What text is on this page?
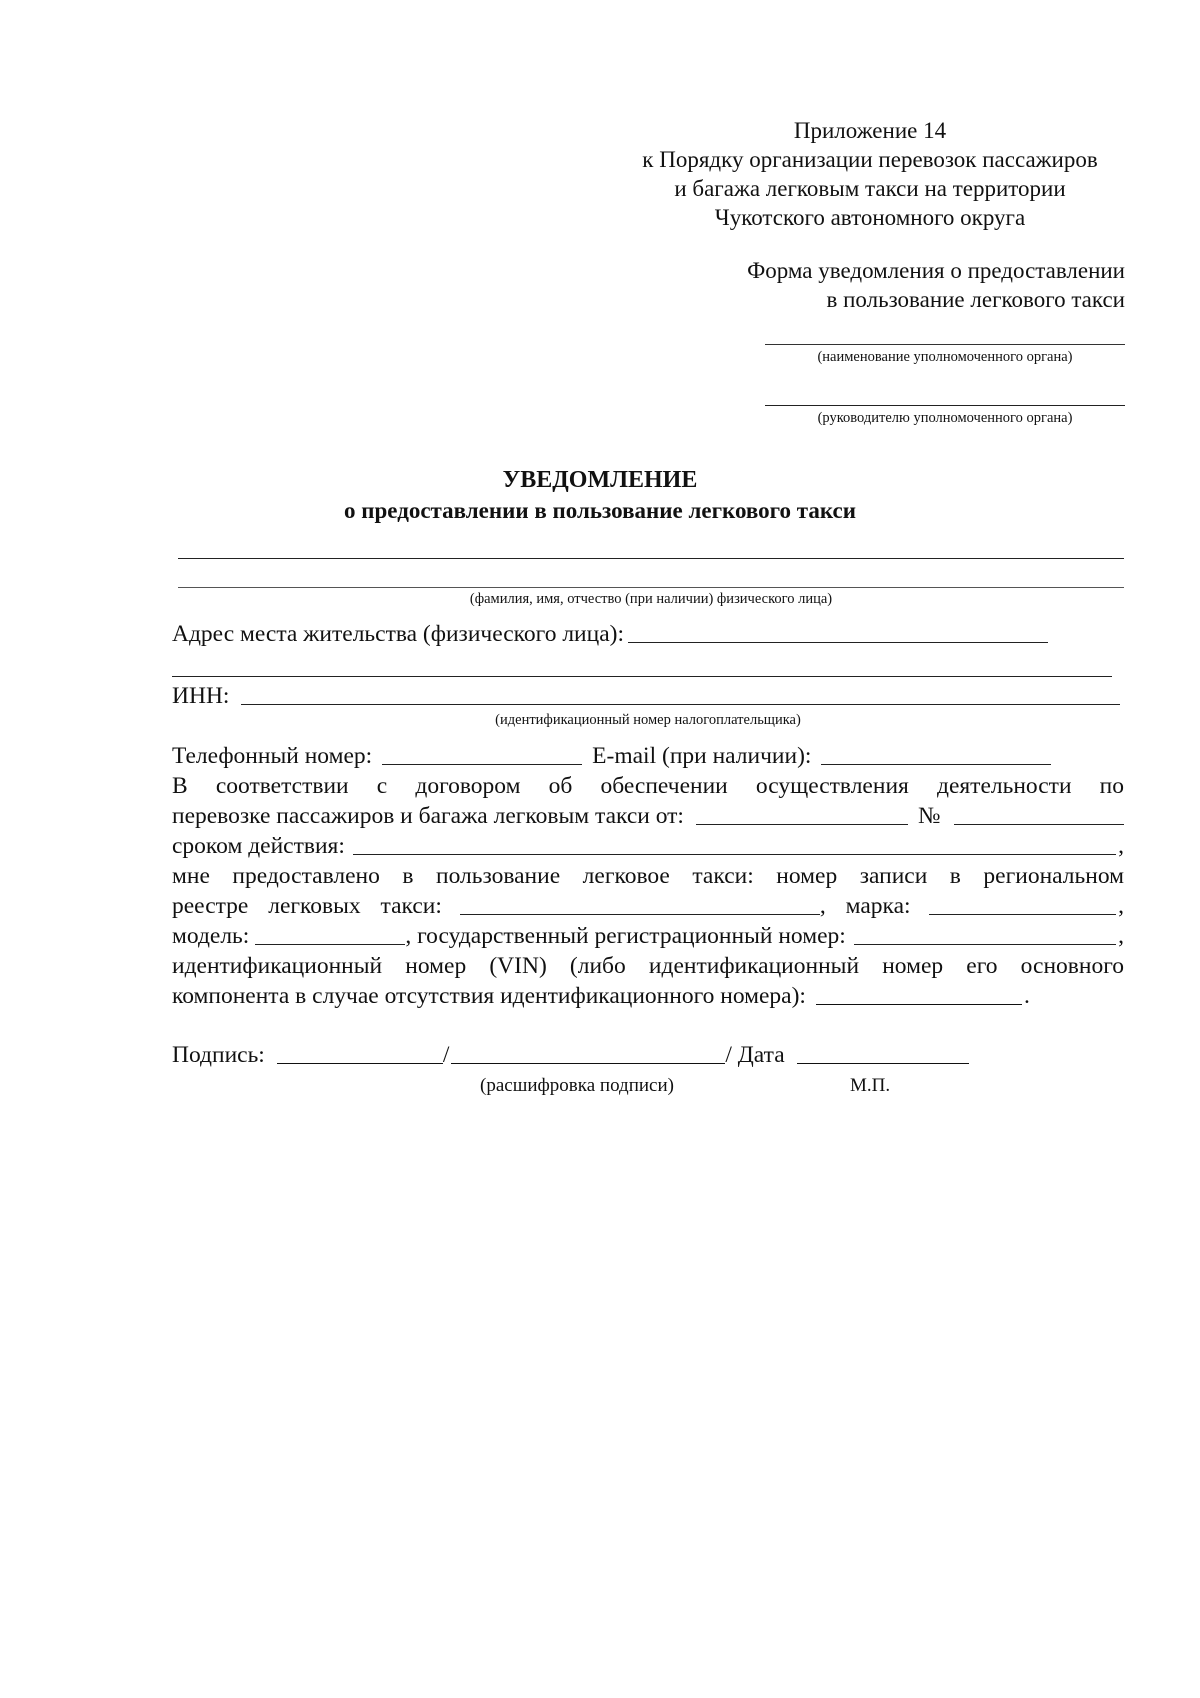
Приложение 14
к Порядку организации перевозок пассажиров
и багажа легковым такси на территории
Чукотского автономного округа
Форма уведомления о предоставлении
в пользование легкового такси
(наименование уполномоченного органа)
(руководителю уполномоченного органа)
УВЕДОМЛЕНИЕ
о предоставлении в пользование легкового такси
(фамилия, имя, отчество (при наличии) физического лица)
Адрес места жительства (физического лица):
ИНН:
(идентификационный номер налогоплательщика)
Телефонный номер:	E-mail (при наличии):
В соответствии с договором об обеспечении осуществления деятельности по
перевозке пассажиров и багажа легковым такси от:	№
сроком действия:	,
мне предоставлено в пользование легковое такси: номер записи в региональном
реестре легковых такси:	, марка:	,
модель:	, государственный регистрационный номер:	,
идентификационный номер (VIN) (либо идентификационный номер его основного
компонента в случае отсутствия идентификационного номера):	.
Подпись:	/	/ Дата
(расшифровка подписи)	М.П.
